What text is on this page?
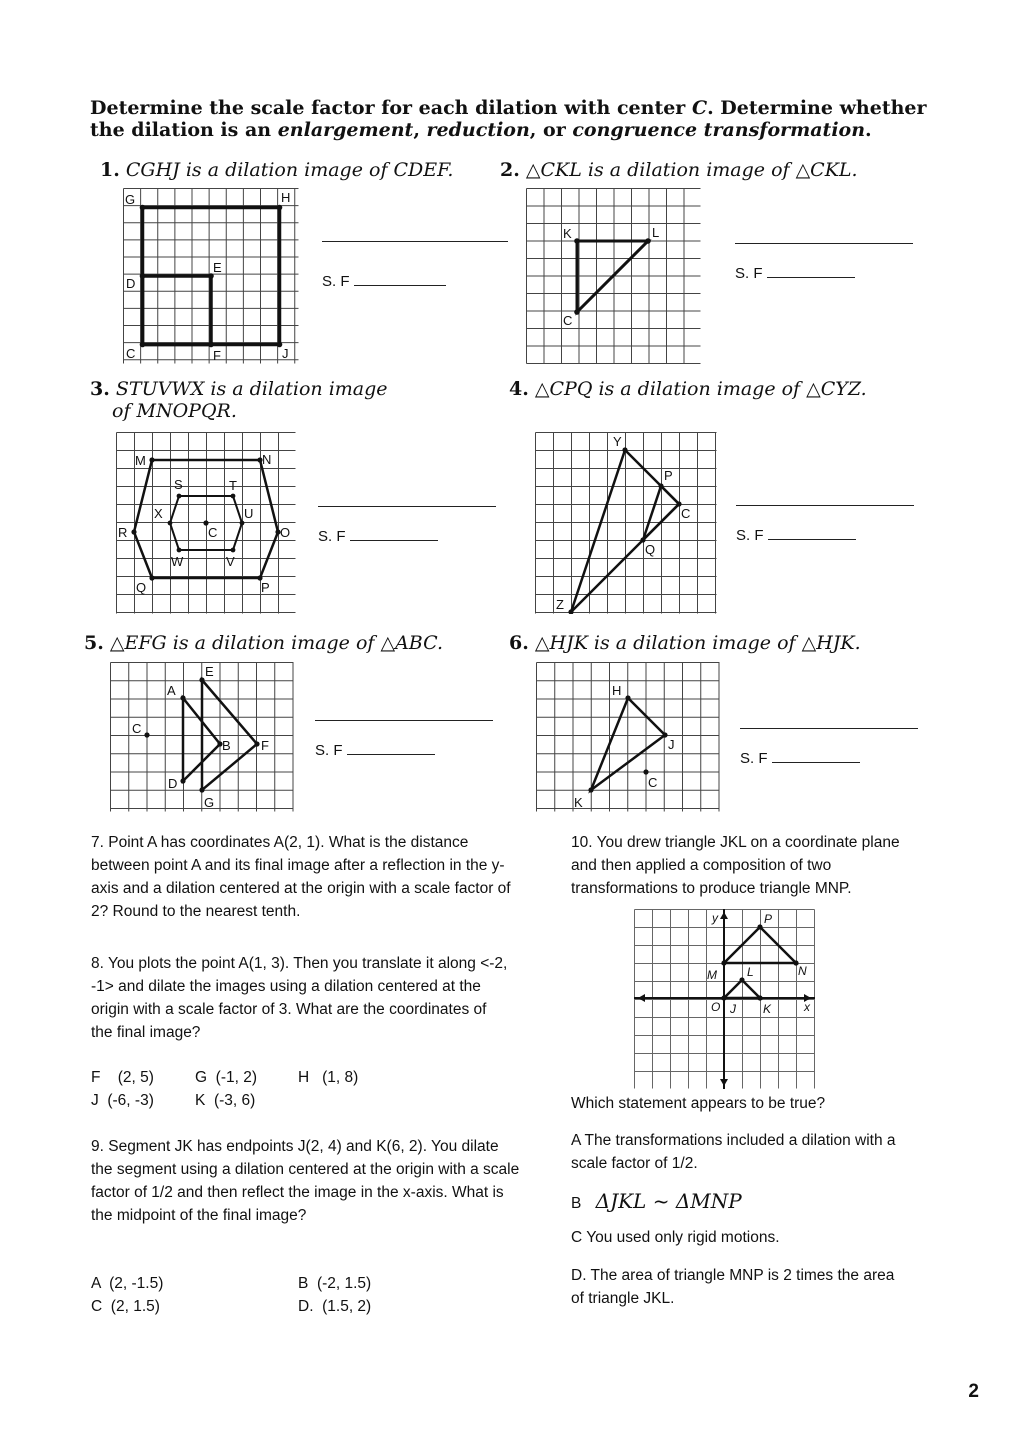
Determine the scale factor for each dilation with center C. Determine whether the dilation is an enlargement, reduction, or congruence transformation.
1. CGHJ is a dilation image of CDEF. 2. △CKL is a dilation image of △CKL.
3. STUVWX is a dilation image
of MNOPQR.
4. △CPQ is a dilation image of △CYZ.
5. △EFG is a dilation image of △ABC.	6. △HJK is a dilation image of △HJK.
S. F	S. F
S. F	S. F
S. F	S. F
G	H
E
D
C	F	J
K	L
C
M	N
S	T
X	U
R	C	O
W	V
Q	P
Y
P
C
Q
Z
E
A
C
B F
D
G
H
J
C
K
7. Point A has coordinates A(2, 1). What is the distance between point A and its final image after a reflection in the y-axis and a dilation centered at the origin with a scale factor of 2? Round to the nearest tenth.
8. You plots the point A(1, 3). Then you translate it along <-2, -1> and dilate the images using a dilation centered at the origin with a scale factor of 3. What are the coordinates of the final image?
F    (2, 5)	G  (-1, 2)	H   (1, 8)
J  (-6, -3)	K  (-3, 6)
9. Segment JK has endpoints J(2, 4) and K(6, 2). You dilate the segment using a dilation centered at the origin with a scale factor of 1/2 and then reflect the image in the x-axis. What is the midpoint of the final image?
A  (2, -1.5)	B  (-2, 1.5)
C  (2, 1.5)	D.  (1.5, 2)
10. You drew triangle JKL on a coordinate plane and then applied a composition of two transformations to produce triangle MNP.
y	P
M	L	N
O J K	x
Which statement appears to be true?
A The transformations included a dilation with a scale factor of 1/2.
B ΔJKL ~ ΔMNP
C You used only rigid motions.
D. The area of triangle MNP is 2 times the area of triangle JKL.
2
